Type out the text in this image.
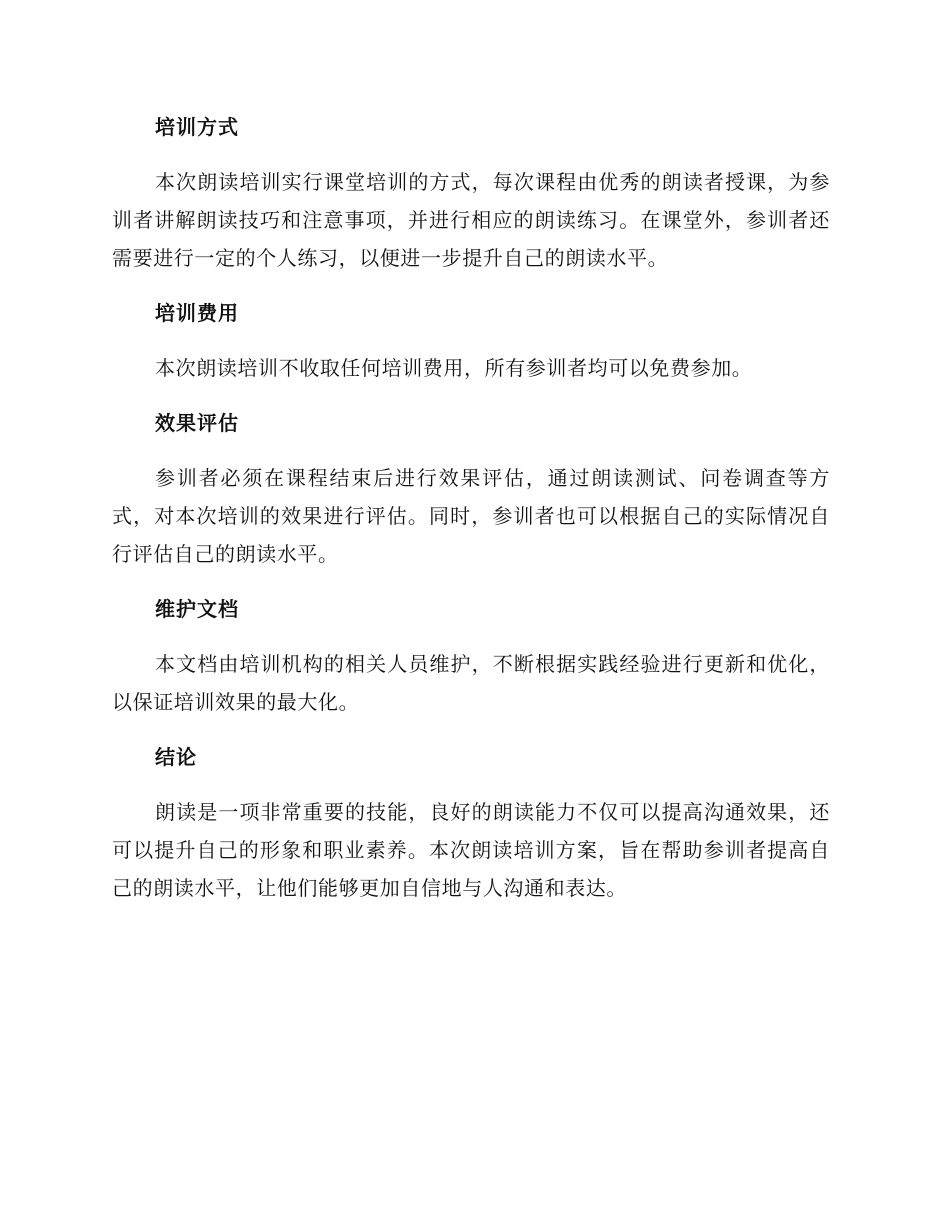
培训方式

本次朗读培训实行课堂培训的方式，每次课程由优秀的朗读者授课，为参训者讲解朗读技巧和注意事项，并进行相应的朗读练习。在课堂外，参训者还需要进行一定的个人练习，以便进一步提升自己的朗读水平。

培训费用

本次朗读培训不收取任何培训费用，所有参训者均可以免费参加。

效果评估

参训者必须在课程结束后进行效果评估，通过朗读测试、问卷调查等方式，对本次培训的效果进行评估。同时，参训者也可以根据自己的实际情况自行评估自己的朗读水平。

维护文档

本文档由培训机构的相关人员维护，不断根据实践经验进行更新和优化，以保证培训效果的最大化。

结论

朗读是一项非常重要的技能，良好的朗读能力不仅可以提高沟通效果，还可以提升自己的形象和职业素养。本次朗读培训方案，旨在帮助参训者提高自己的朗读水平，让他们能够更加自信地与人沟通和表达。
